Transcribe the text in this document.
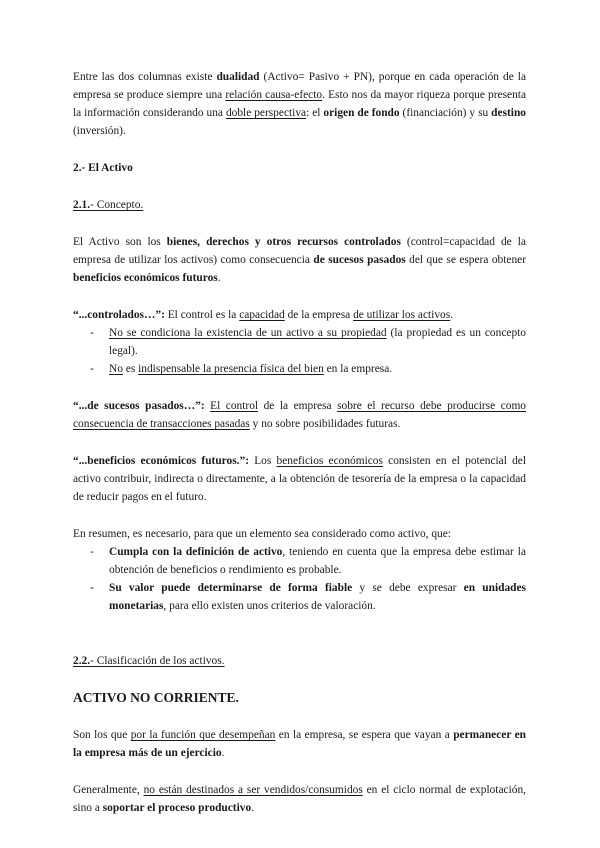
Entre las dos columnas existe dualidad (Activo= Pasivo + PN), porque en cada operación de la empresa se produce siempre una relación causa-efecto. Esto nos da mayor riqueza porque presenta la información considerando una doble perspectiva: el origen de fondo (financiación) y su destino (inversión).

2.- El Activo

2.1.- Concepto.

El Activo son los bienes, derechos y otros recursos controlados (control=capacidad de la empresa de utilizar los activos) como consecuencia de sucesos pasados del que se espera obtener beneficios económicos futuros.

“...controlados…”: El control es la capacidad de la empresa de utilizar los activos.

- No se condiciona la existencia de un activo a su propiedad (la propiedad es un concepto legal).
- No es indispensable la presencia física del bien en la empresa.

“...de sucesos pasados…”: El control de la empresa sobre el recurso debe producirse como consecuencia de transacciones pasadas y no sobre posibilidades futuras.

“...beneficios económicos futuros.”: Los beneficios económicos consisten en el potencial del activo contribuir, indirecta o directamente, a la obtención de tesorería de la empresa o la capacidad de reducir pagos en el futuro.

En resumen, es necesario, para que un elemento sea considerado como activo, que:

- Cumpla con la definición de activo, teniendo en cuenta que la empresa debe estimar la obtención de beneficios o rendimiento es probable.
- Su valor puede determinarse de forma fiable y se debe expresar en unidades monetarias, para ello existen unos criterios de valoración.

2.2.- Clasificación de los activos.

ACTIVO NO CORRIENTE.

Son los que por la función que desempeñan en la empresa, se espera que vayan a permanecer en la empresa más de un ejercicio.

Generalmente, no están destinados a ser vendidos/consumidos en el ciclo normal de explotación, sino a soportar el proceso productivo.
